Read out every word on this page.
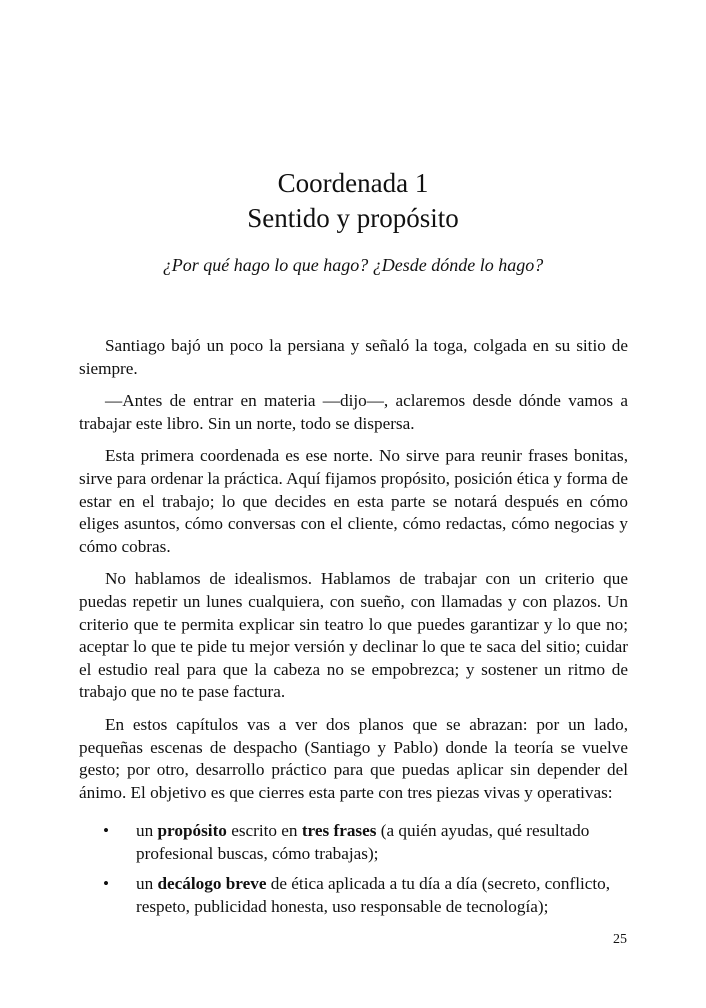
Coordenada 1
Sentido y propósito
¿Por qué hago lo que hago? ¿Desde dónde lo hago?

Santiago bajó un poco la persiana y señaló la toga, colgada en su sitio de siempre.

—Antes de entrar en materia —dijo—, aclaremos desde dónde vamos a trabajar este libro. Sin un norte, todo se dispersa.

Esta primera coordenada es ese norte. No sirve para reunir frases bonitas, sirve para ordenar la práctica. Aquí fijamos propósito, posición ética y forma de estar en el trabajo; lo que decides en esta parte se notará después en cómo eliges asuntos, cómo conversas con el cliente, cómo redactas, cómo negocias y cómo cobras.

No hablamos de idealismos. Hablamos de trabajar con un criterio que puedas repetir un lunes cualquiera, con sueño, con llamadas y con plazos. Un criterio que te permita explicar sin teatro lo que puedes garantizar y lo que no; aceptar lo que te pide tu mejor versión y declinar lo que te saca del sitio; cuidar el estudio real para que la cabeza no se empobrezca; y sostener un ritmo de trabajo que no te pase factura.

En estos capítulos vas a ver dos planos que se abrazan: por un lado, pequeñas escenas de despacho (Santiago y Pablo) donde la teoría se vuelve gesto; por otro, desarrollo práctico para que puedas aplicar sin depender del ánimo. El objetivo es que cierres esta parte con tres piezas vivas y operativas:

• un propósito escrito en tres frases (a quién ayudas, qué resultado profesional buscas, cómo trabajas);
• un decálogo breve de ética aplicada a tu día a día (secreto, conflicto, respeto, publicidad honesta, uso responsable de tecnología);
25
